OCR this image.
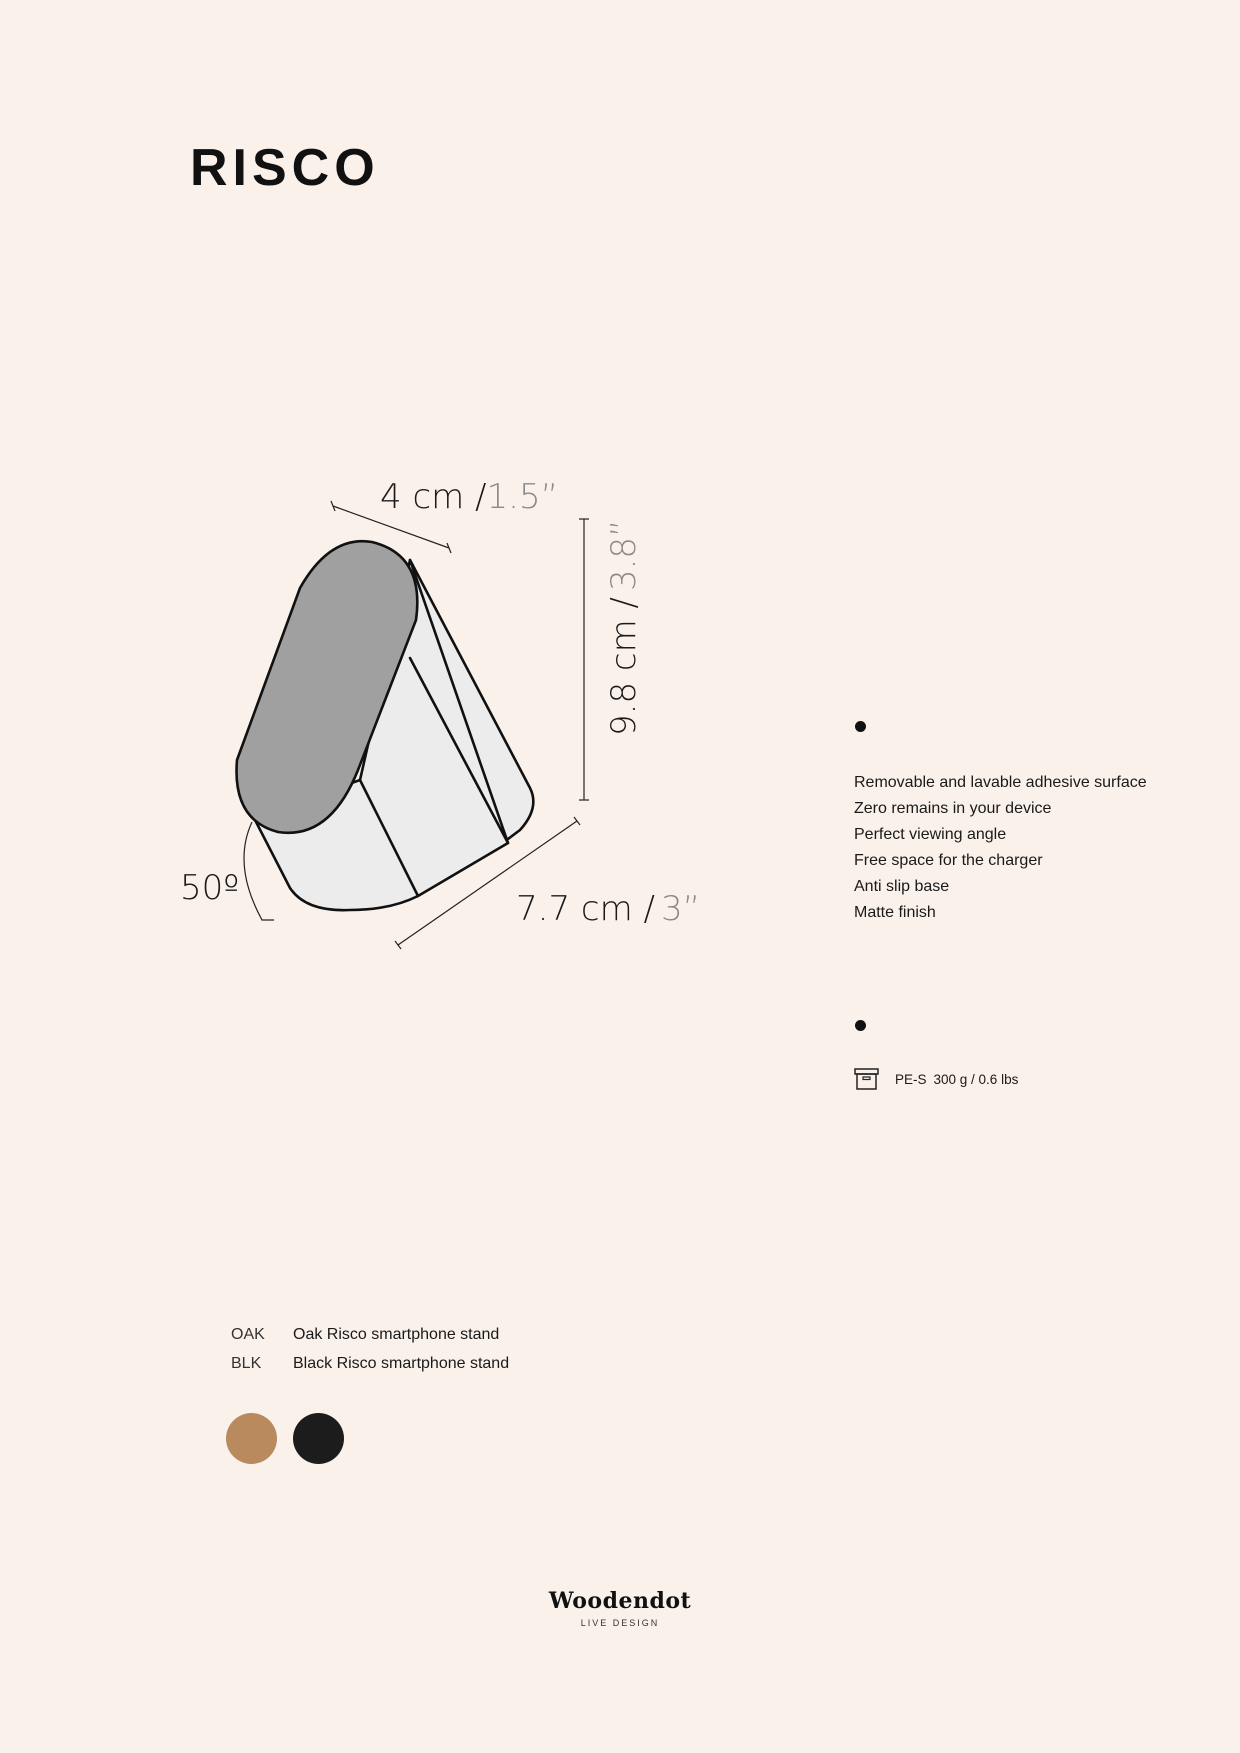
RISCO
4 cm /1.5”
9.8 cm /3.8”
7.7 cm / 3”
50º
Removable and lavable adhesive surface
Zero remains in your device
Perfect viewing angle
Free space for the charger
Anti slip base
Matte finish
PE-S 300 g / 0.6 lbs
OAK	Oak Risco smartphone stand
BLK	Black Risco smartphone stand
Woodendot
LIVE DESIGN
